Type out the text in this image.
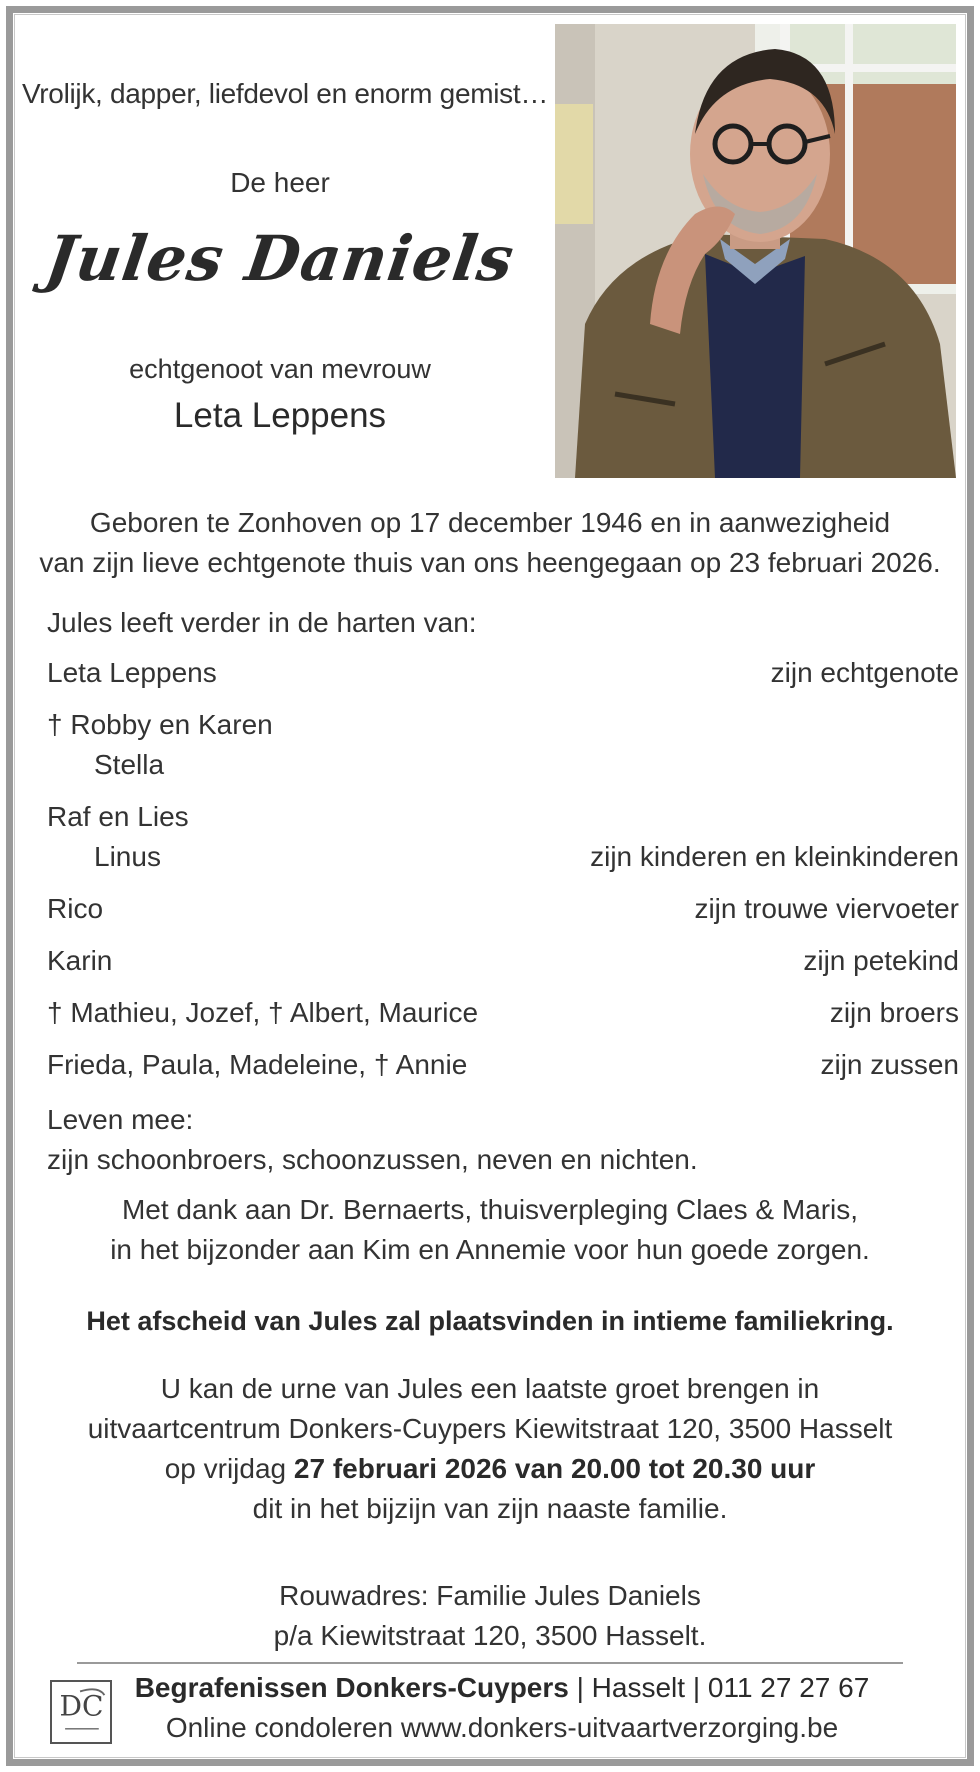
Vrolijk, dapper, liefdevol en enorm gemist…
De heer
Jules Daniels
echtgenoot van mevrouw
Leta Leppens
Geboren te Zonhoven op 17 december 1946 en in aanwezigheid
van zijn lieve echtgenote thuis van ons heengegaan op 23 februari 2026.
Jules leeft verder in de harten van:
Leta Leppens	zijn echtgenote
† Robby en Karen
Stella
Raf en Lies
Linus	zijn kinderen en kleinkinderen
Rico	zijn trouwe viervoeter
Karin	zijn petekind
† Mathieu, Jozef, † Albert, Maurice	zijn broers
Frieda, Paula, Madeleine, † Annie	zijn zussen
Leven mee:
zijn schoonbroers, schoonzussen, neven en nichten.
Met dank aan Dr. Bernaerts, thuisverpleging Claes & Maris,
in het bijzonder aan Kim en Annemie voor hun goede zorgen.
Het afscheid van Jules zal plaatsvinden in intieme familiekring.
U kan de urne van Jules een laatste groet brengen in
uitvaartcentrum Donkers-Cuypers Kiewitstraat 120, 3500 Hasselt
op vrijdag 27 februari 2026 van 20.00 tot 20.30 uur
dit in het bijzijn van zijn naaste familie.
Rouwadres: Familie Jules Daniels
p/a Kiewitstraat 120, 3500 Hasselt.
DC
Begrafenissen Donkers-Cuypers | Hasselt | 011 27 27 67
Online condoleren www.donkers-uitvaartverzorging.be
